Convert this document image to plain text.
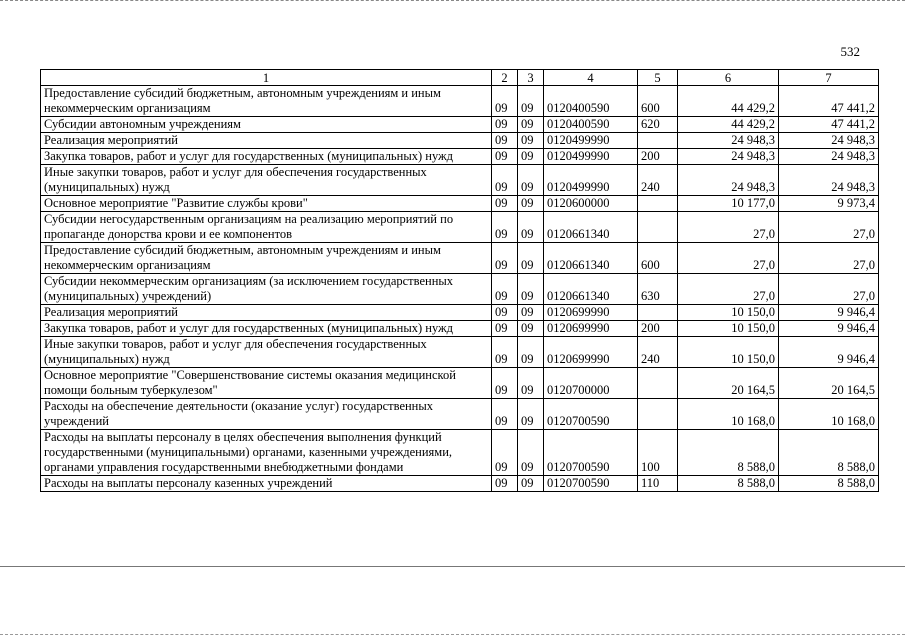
532
1	2	3	4	5	6	7
Предоставление субсидий бюджетным, автономным учреждениям и иным некоммерческим организациям	09	09	0120400590	600	44 429,2	47 441,2
Субсидии автономным учреждениям	09	09	0120400590	620	44 429,2	47 441,2
Реализация мероприятий	09	09	0120499990		24 948,3	24 948,3
Закупка товаров, работ и услуг для государственных (муниципальных) нужд	09	09	0120499990	200	24 948,3	24 948,3
Иные закупки товаров, работ и услуг для обеспечения государственных (муниципальных) нужд	09	09	0120499990	240	24 948,3	24 948,3
Основное мероприятие "Развитие службы крови"	09	09	0120600000		10 177,0	9 973,4
Субсидии негосударственным организациям на реализацию мероприятий по пропаганде донорства крови и ее компонентов	09	09	0120661340		27,0	27,0
Предоставление субсидий бюджетным, автономным учреждениям и иным некоммерческим организациям	09	09	0120661340	600	27,0	27,0
Субсидии некоммерческим организациям (за исключением государственных (муниципальных) учреждений)	09	09	0120661340	630	27,0	27,0
Реализация мероприятий	09	09	0120699990		10 150,0	9 946,4
Закупка товаров, работ и услуг для государственных (муниципальных) нужд	09	09	0120699990	200	10 150,0	9 946,4
Иные закупки товаров, работ и услуг для обеспечения государственных (муниципальных) нужд	09	09	0120699990	240	10 150,0	9 946,4
Основное мероприятие "Совершенствование системы оказания медицинской помощи больным туберкулезом"	09	09	0120700000		20 164,5	20 164,5
Расходы на обеспечение деятельности (оказание услуг) государственных учреждений	09	09	0120700590		10 168,0	10 168,0
Расходы на выплаты персоналу в целях обеспечения выполнения функций государственными (муниципальными) органами, казенными учреждениями, органами управления государственными внебюджетными фондами	09	09	0120700590	100	8 588,0	8 588,0
Расходы на выплаты персоналу казенных учреждений	09	09	0120700590	110	8 588,0	8 588,0
